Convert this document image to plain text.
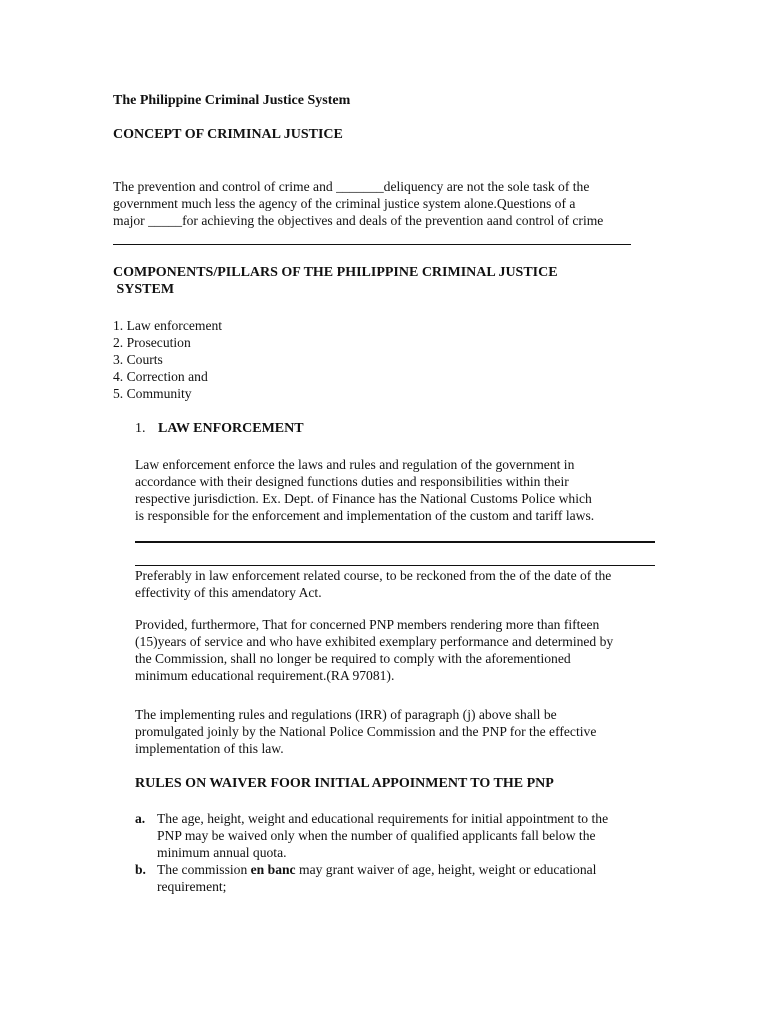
The Philippine Criminal Justice System
CONCEPT OF CRIMINAL JUSTICE
The prevention and control of crime and _______deliquency are not the sole task of the
government much less the agency of the criminal justice system alone.Questions of a
major _____for achieving the objectives and deals of the prevention aand control of crime
COMPONENTS/PILLARS OF THE PHILIPPINE CRIMINAL JUSTICE
SYSTEM
1. Law enforcement
2. Prosecution
3. Courts
4. Correction and
5. Community
1. LAW ENFORCEMENT
Law enforcement enforce the laws and rules and regulation of the government in
accordance with their designed functions duties and responsibilities within their
respective jurisdiction. Ex. Dept. of Finance has the National Customs Police which
is responsible for the enforcement and implementation of the custom and tariff laws.
Preferably in law enforcement related course, to be reckoned from the of the date of the
effectivity of this amendatory Act.
Provided, furthermore, That for concerned PNP members rendering more than fifteen
(15)years of service and who have exhibited exemplary performance and determined by
the Commission, shall no longer be required to comply with the aforementioned
minimum educational requirement.(RA 97081).
The implementing rules and regulations (IRR) of paragraph (j) above shall be
promulgated joinly by the National Police Commission and the PNP for the effective
implementation of this law.
RULES ON WAIVER FOOR INITIAL APPOINMENT TO THE PNP
a. The age, height, weight and educational requirements for initial appointment to the
PNP may be waived only when the number of qualified applicants fall below the
minimum annual quota.
b. The commission en banc may grant waiver of age, height, weight or educational
requirement;
